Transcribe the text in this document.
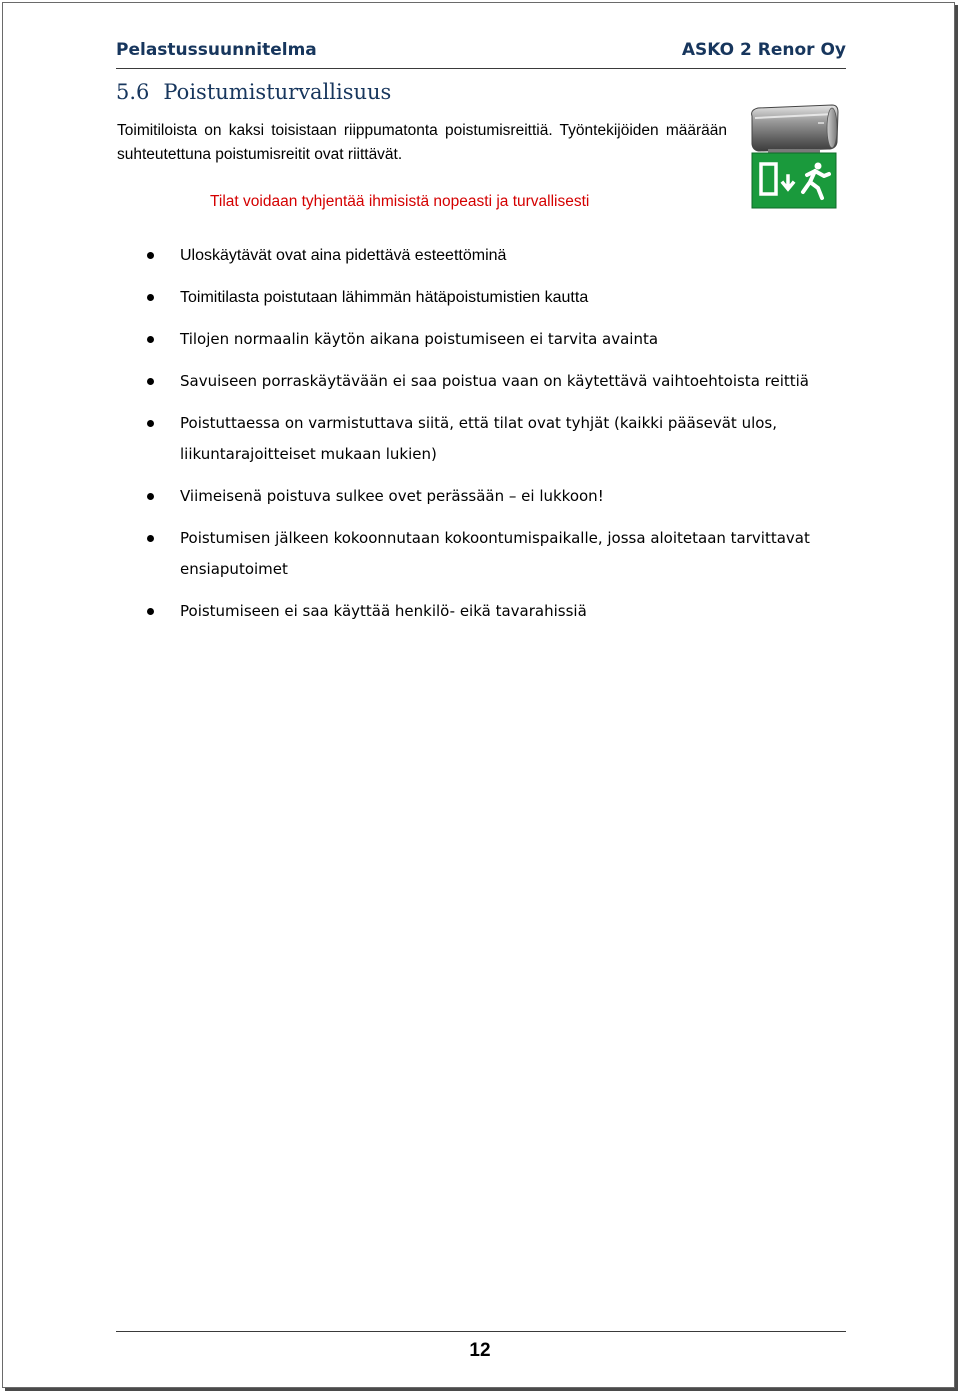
Pelastussuunnitelma	ASKO 2 Renor Oy
5.6 Poistumisturvallisuus
Toimitiloista on kaksi toisistaan riippumatonta poistumisreittiä. Työntekijöiden määrään suhteutettuna poistumisreitit ovat riittävät.
Tilat voidaan tyhjentää ihmisistä nopeasti ja turvallisesti
Uloskäytävät ovat aina pidettävä esteettöminä
Toimitilasta poistutaan lähimmän hätäpoistumistien kautta
Tilojen normaalin käytön aikana poistumiseen ei tarvita avainta
Savuiseen porraskäytävään ei saa poistua vaan on käytettävä vaihtoehtoista reittiä
Poistuttaessa on varmistuttava siitä, että tilat ovat tyhjät (kaikki pääsevät ulos, liikuntarajoitteiset mukaan lukien)
Viimeisenä poistuva sulkee ovet perässään – ei lukkoon!
Poistumisen jälkeen kokoonnutaan kokoontumispaikalle, jossa aloitetaan tarvittavat ensiaputoimet
Poistumiseen ei saa käyttää henkilö- eikä tavarahissiä
12
